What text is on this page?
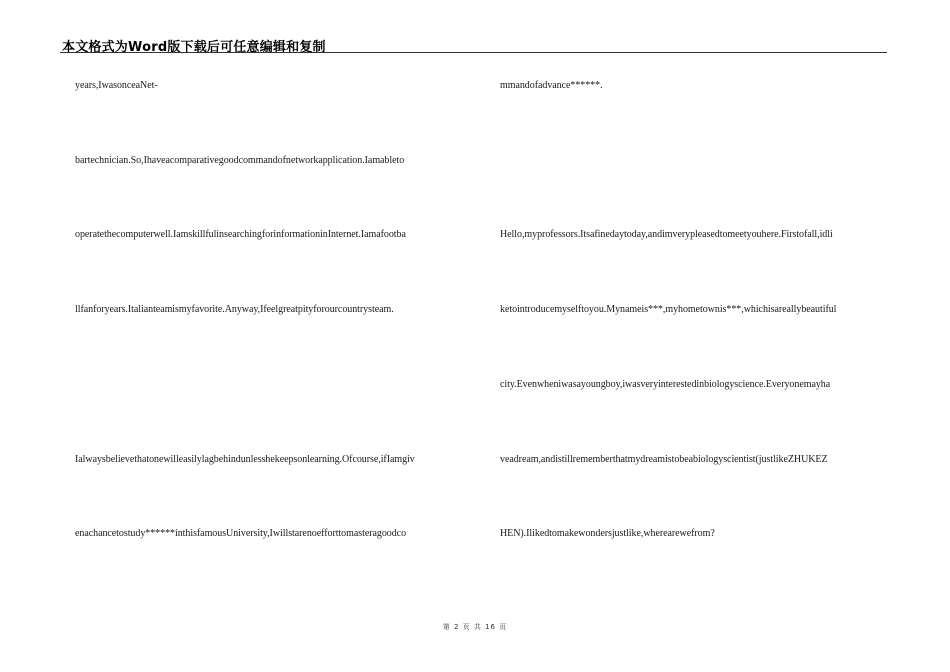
本文格式为Word版下载后可任意编辑和复制
years,IwasonceaNet-
bartechnician.So,Ihaveacomparativegoodcommandofnetworkapplication.Iamableto
operatethecomputerwell.IamskillfulinsearchingforinformationinInternet.Iamafootba
llfanforyears.Italianteamismyfavorite.Anyway,Ifeelgreatpityforourcountrysteam.
Ialwaysbelievethatonewilleasilylagbehindunlesshekeepsonlearning.Ofcourse,ifIamgiv
enachancetostudy******inthisfamousUniversity,Iwillstarenoefforttomasteragoodco
mmandofadvance******.
Hello,myprofessors.Itsafinedaytoday,andimverypleasedtomeetyouhere.Firstofall,idli
ketointroducemyselftoyou.Mynameis***,myhometownis***,whichisareallybeautiful
city.Evenwheniwasayoungboy,iwasveryinterestedinbiologyscience.Everyonemayha
veadream,andistillrememberthatmydreamistobeabiologyscientist(justlikeZHUKEZ
HEN).Ilikedtomakewondersjustlike,wherearewefrom?
第 2 页 共 16 页
